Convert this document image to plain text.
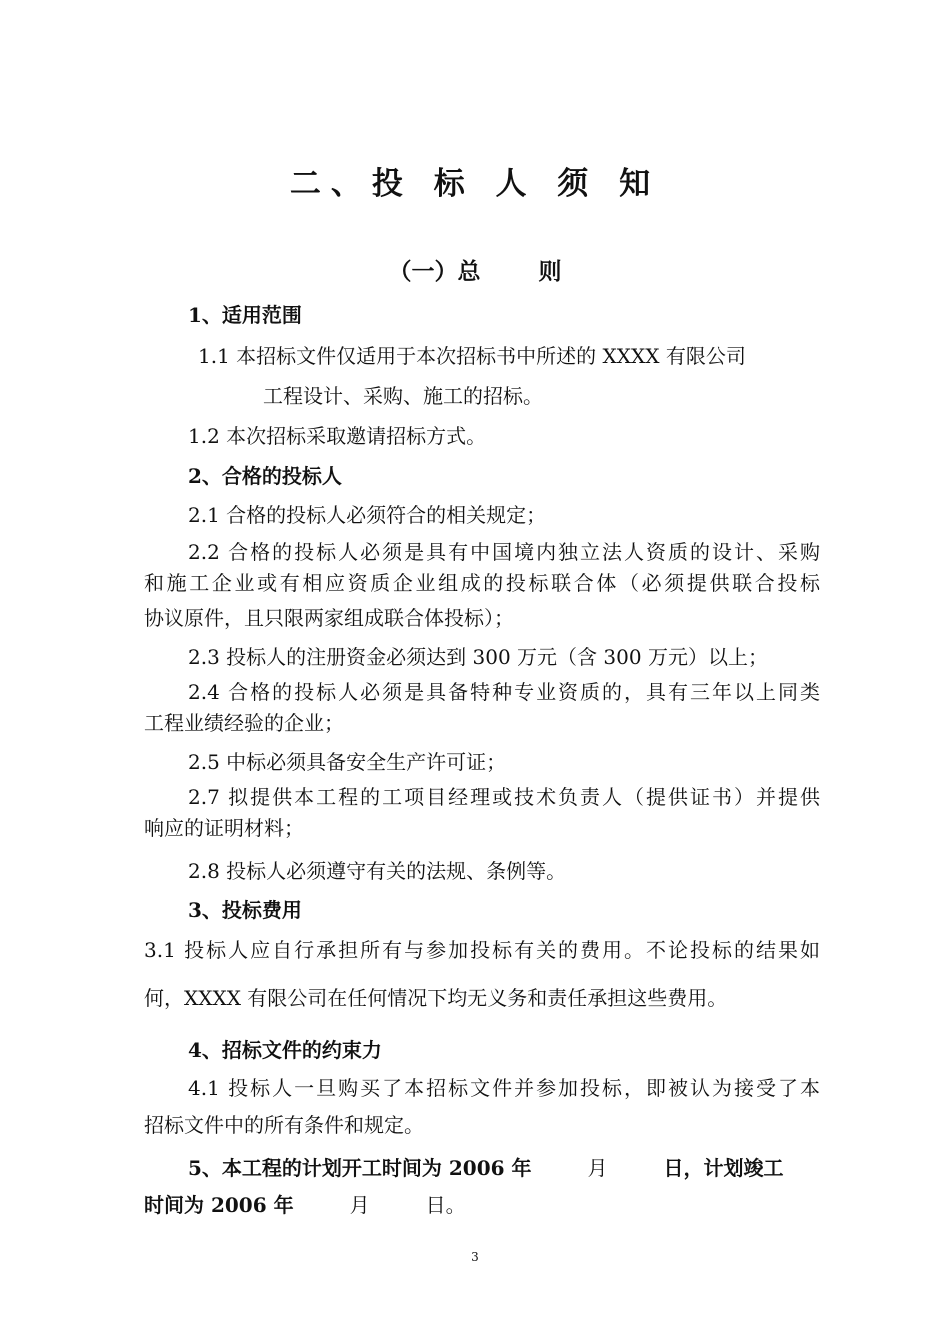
二、投 标 人 须 知
（一）总	则
1、适用范围
1.1 本招标文件仅适用于本次招标书中所述的 XXXX 有限公司
工程设计、采购、施工的招标。
1.2 本次招标采取邀请招标方式。
2、合格的投标人
2.1 合格的投标人必须符合的相关规定；
2.2 合格的投标人必须是具有中国境内独立法人资质的设计、采购
和施工企业或有相应资质企业组成的投标联合体（必须提供联合投标
协议原件，且只限两家组成联合体投标）；
2.3 投标人的注册资金必须达到 300 万元（含 300 万元）以上；
2.4 合格的投标人必须是具备特种专业资质的，具有三年以上同类
工程业绩经验的企业；
2.5 中标必须具备安全生产许可证；
2.7 拟提供本工程的工项目经理或技术负责人（提供证书）并提供
响应的证明材料；
2.8 投标人必须遵守有关的法规、条例等。
3、投标费用
3.1 投标人应自行承担所有与参加投标有关的费用。不论投标的结果如
何，XXXX 有限公司在任何情况下均无义务和责任承担这些费用。
4、招标文件的约束力
4.1 投标人一旦购买了本招标文件并参加投标，即被认为接受了本
招标文件中的所有条件和规定。
5、本工程的计划开工时间为 2006 年	月	日，计划竣工
时间为 2006 年	月	日。
3
